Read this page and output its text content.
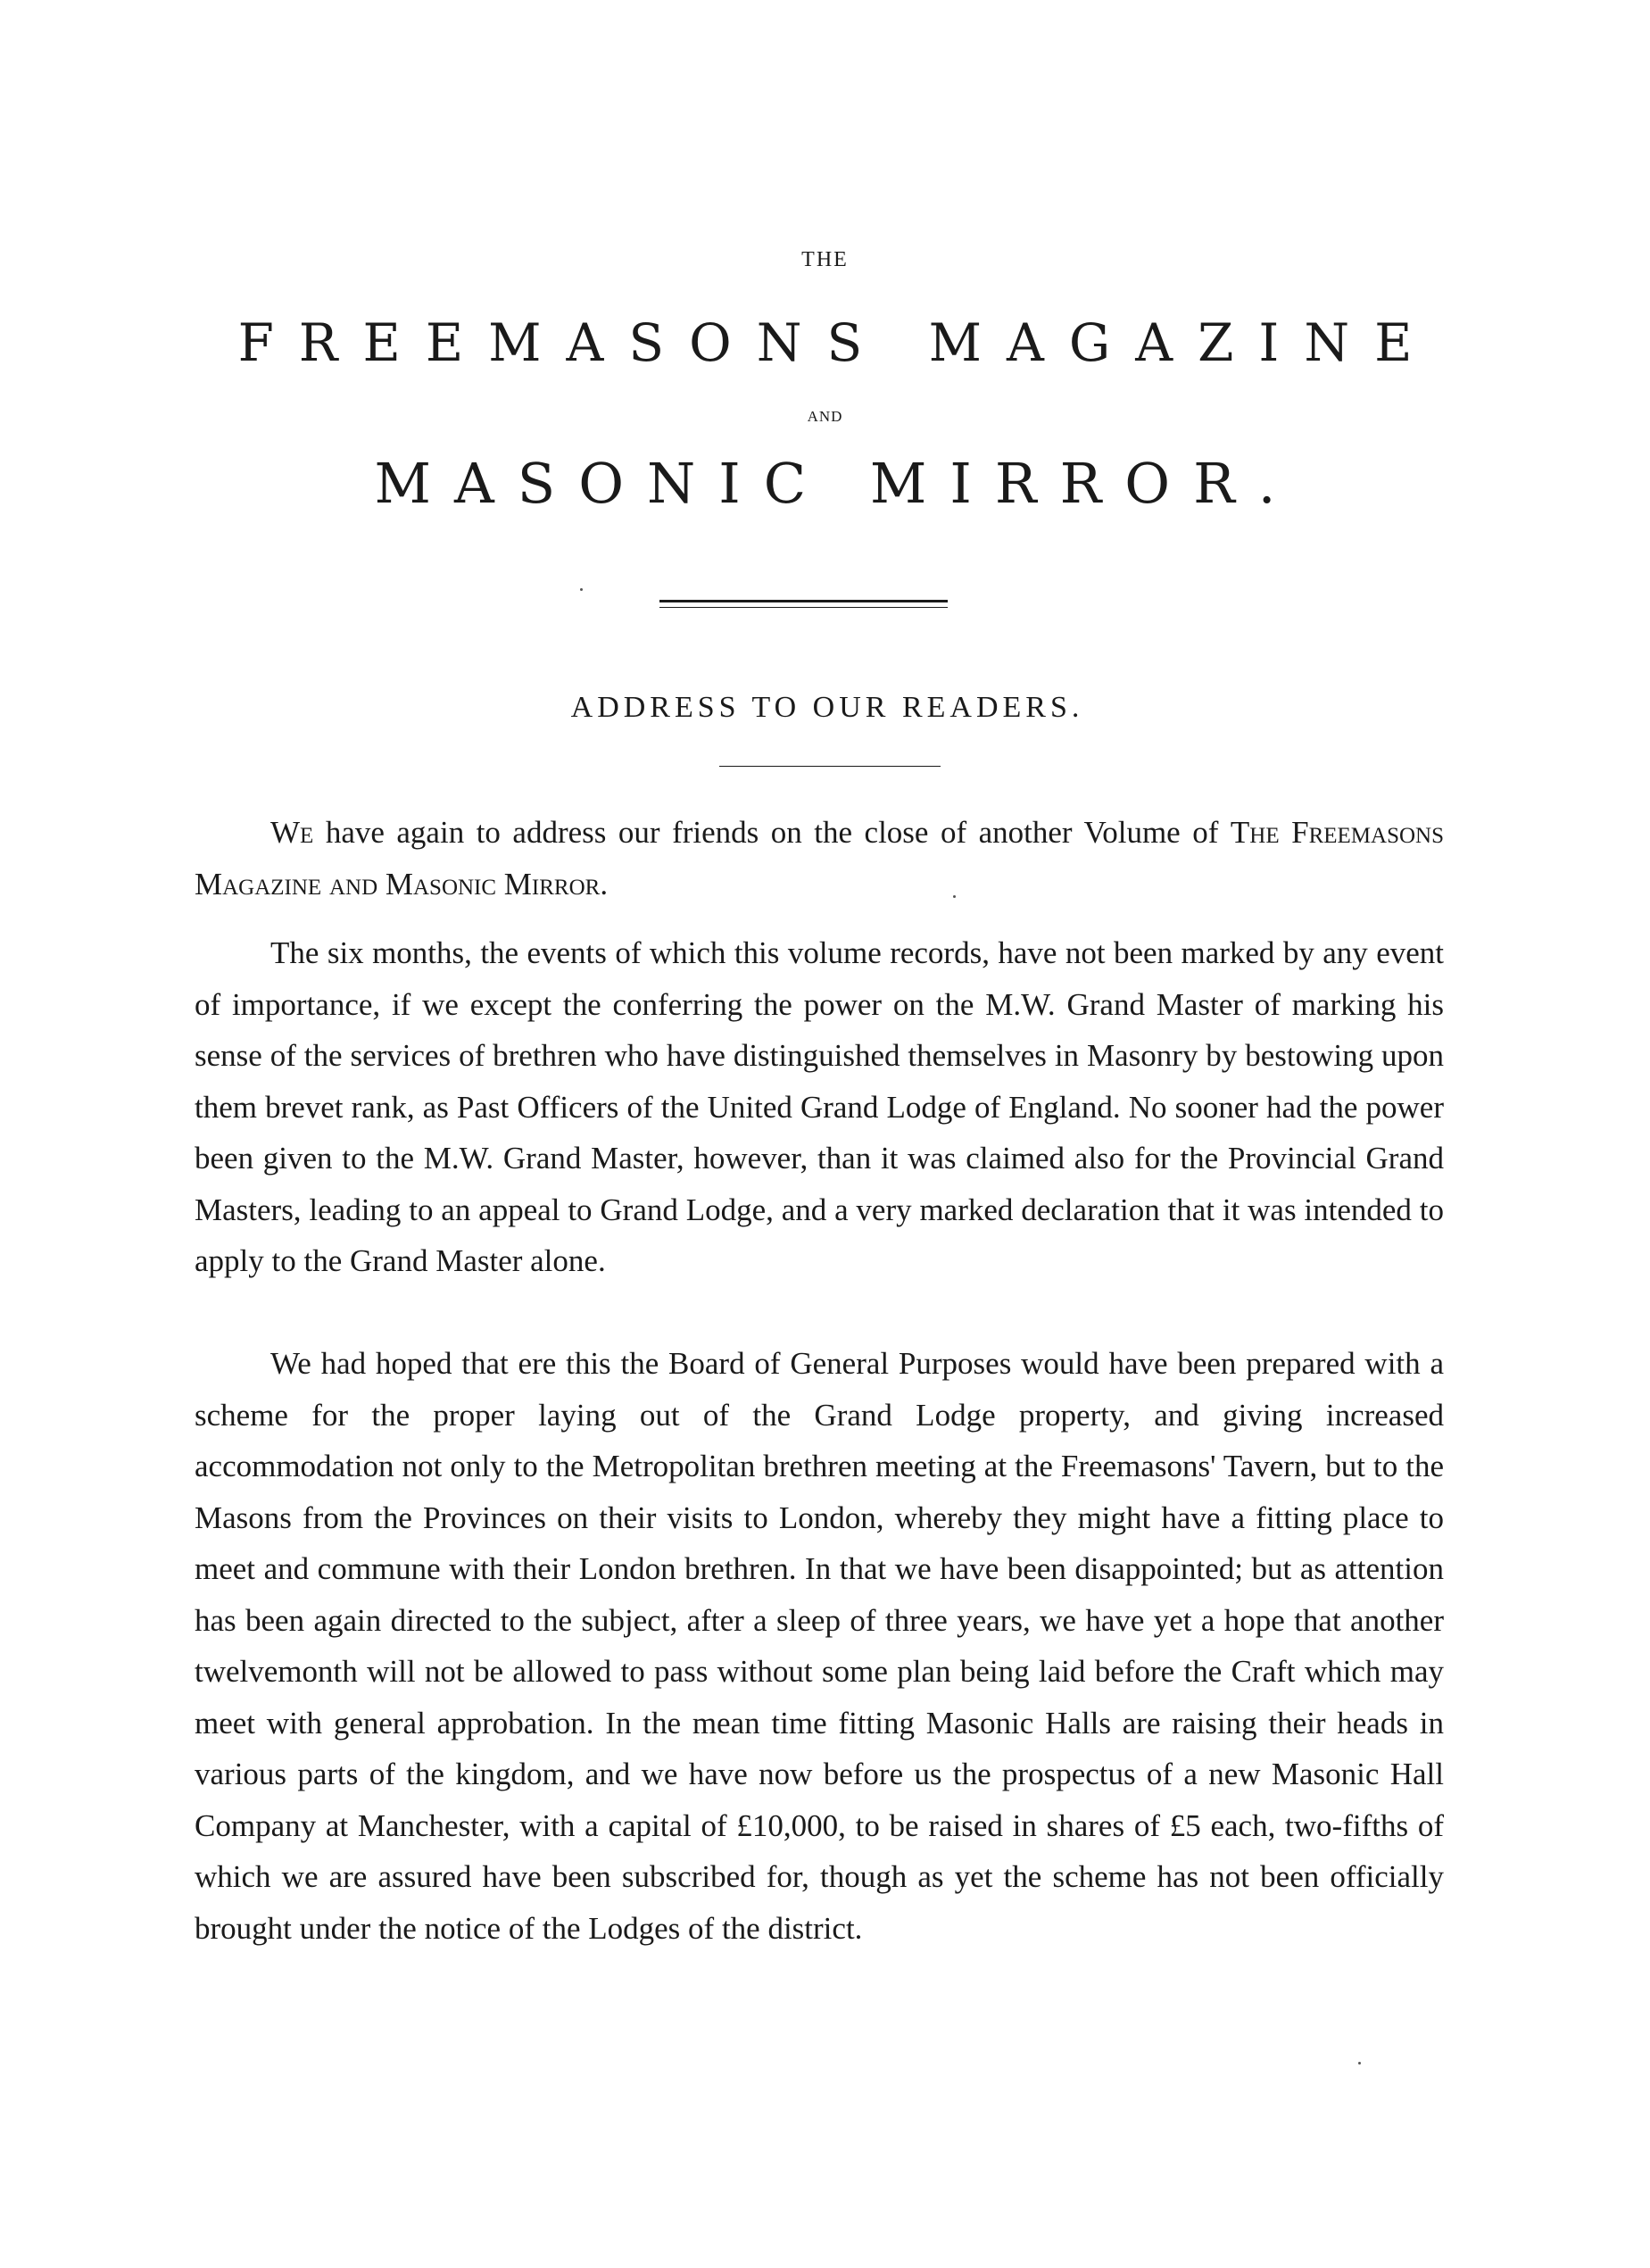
THE
FREEMASONS MAGAZINE
AND
MASONIC MIRROR.
ADDRESS TO OUR READERS.

We have again to address our friends on the close of another Volume of The Freemasons Magazine and Masonic Mirror.

The six months, the events of which this volume records, have not been marked by any event of importance, if we except the conferring the power on the M.W. Grand Master of marking his sense of the services of brethren who have distinguished themselves in Masonry by bestowing upon them brevet rank, as Past Officers of the United Grand Lodge of England. No sooner had the power been given to the M.W. Grand Master, however, than it was claimed also for the Provincial Grand Masters, leading to an appeal to Grand Lodge, and a very marked declaration that it was intended to apply to the Grand Master alone.

We had hoped that ere this the Board of General Purposes would have been prepared with a scheme for the proper laying out of the Grand Lodge property, and giving increased accommodation not only to the Metropolitan brethren meeting at the Freemasons' Tavern, but to the Masons from the Provinces on their visits to London, whereby they might have a fitting place to meet and commune with their London brethren. In that we have been disappointed; but as attention has been again directed to the subject, after a sleep of three years, we have yet a hope that another twelvemonth will not be allowed to pass without some plan being laid before the Craft which may meet with general approbation. In the mean time fitting Masonic Halls are raising their heads in various parts of the kingdom, and we have now before us the prospectus of a new Masonic Hall Company at Manchester, with a capital of £10,000, to be raised in shares of £5 each, two-fifths of which we are assured have been subscribed for, though as yet the scheme has not been officially brought under the notice of the Lodges of the district.
